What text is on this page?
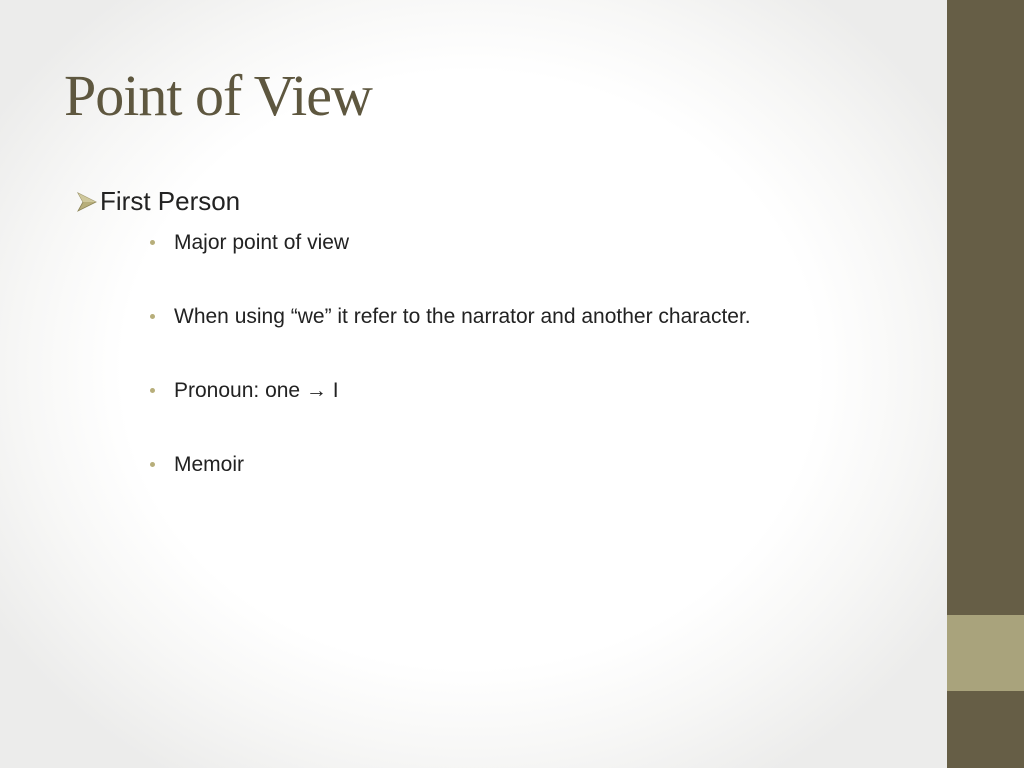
Point of View
First Person
Major point of view
When using “we” it refer to the narrator and another character.
Pronoun: one → I
Memoir
